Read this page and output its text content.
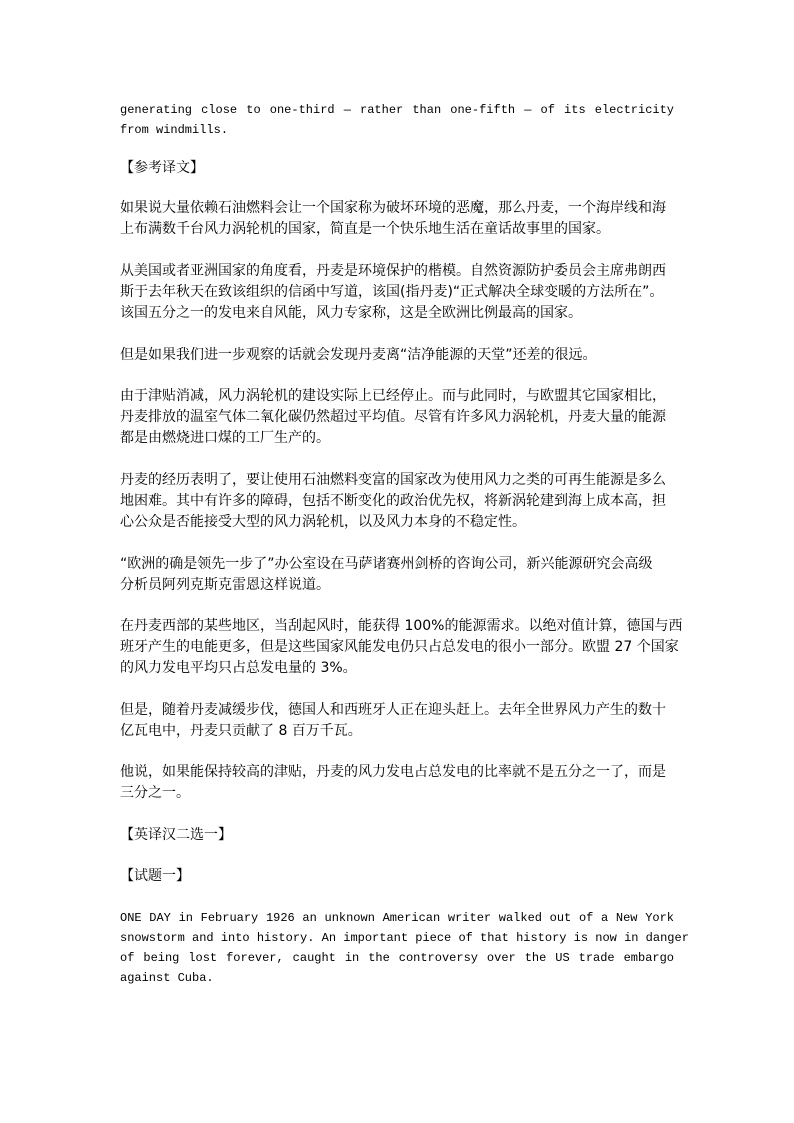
generating close to one-third — rather than one-fifth — of its electricity
from windmills.
【参考译文】
如果说大量依赖石油燃料会让一个国家称为破坏环境的恶魔，那么丹麦，一个海岸线和海
上布满数千台风力涡轮机的国家，简直是一个快乐地生活在童话故事里的国家。
从美国或者亚洲国家的角度看，丹麦是环境保护的楷模。自然资源防护委员会主席弗朗西
斯于去年秋天在致该组织的信函中写道，该国(指丹麦)“正式解决全球变暖的方法所在”。
该国五分之一的发电来自风能，风力专家称，这是全欧洲比例最高的国家。
但是如果我们进一步观察的话就会发现丹麦离“洁净能源的天堂”还差的很远。
由于津贴消减，风力涡轮机的建设实际上已经停止。而与此同时，与欧盟其它国家相比，
丹麦排放的温室气体二氧化碳仍然超过平均值。尽管有许多风力涡轮机，丹麦大量的能源
都是由燃烧进口煤的工厂生产的。
丹麦的经历表明了，要让使用石油燃料变富的国家改为使用风力之类的可再生能源是多么
地困难。其中有许多的障碍，包括不断变化的政治优先权，将新涡轮建到海上成本高，担
心公众是否能接受大型的风力涡轮机，以及风力本身的不稳定性。
“欧洲的确是领先一步了”办公室设在马萨诸赛州剑桥的咨询公司，新兴能源研究会高级
分析员阿列克斯克雷恩这样说道。
在丹麦西部的某些地区，当刮起风时，能获得 100%的能源需求。以绝对值计算，德国与西
班牙产生的电能更多，但是这些国家风能发电仍只占总发电的很小一部分。欧盟 27 个国家
的风力发电平均只占总发电量的 3%。
但是，随着丹麦减缓步伐，德国人和西班牙人正在迎头赶上。去年全世界风力产生的数十
亿瓦电中，丹麦只贡献了 8 百万千瓦。
他说，如果能保持较高的津贴，丹麦的风力发电占总发电的比率就不是五分之一了，而是
三分之一。
【英译汉二选一】
【试题一】
ONE DAY in February 1926 an unknown American writer walked out of a New York
snowstorm and into history. An important piece of that history is now in danger
of being lost forever, caught in the controversy over the US trade embargo
against Cuba.
